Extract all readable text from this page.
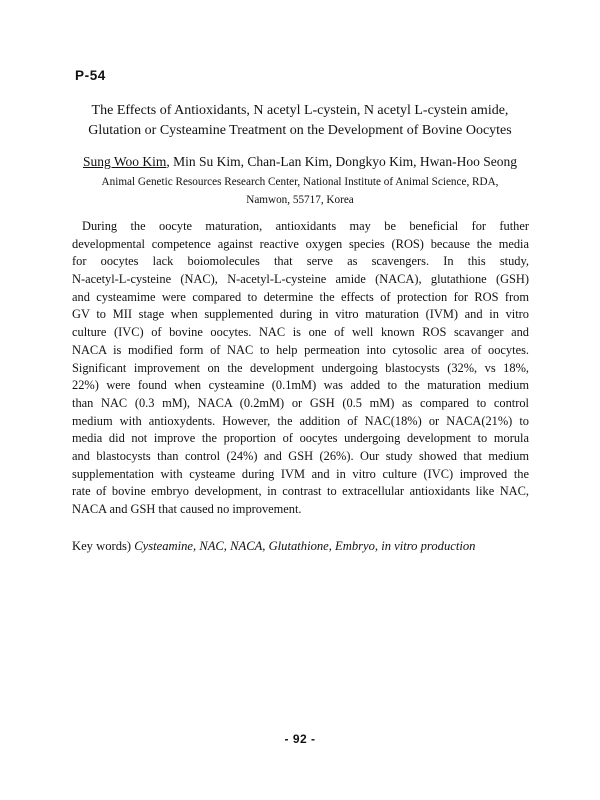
P-54
The Effects of Antioxidants, N acetyl L-cystein, N acetyl L-cystein amide,
Glutation or Cysteamine Treatment on the Development of Bovine Oocytes
Sung Woo Kim, Min Su Kim, Chan-Lan Kim, Dongkyo Kim, Hwan-Hoo Seong
Animal Genetic Resources Research Center, National Institute of Animal Science, RDA,
Namwon, 55717, Korea
During the oocyte maturation, antioxidants may be beneficial for futher
developmental competence against reactive oxygen species (ROS) because the media
for oocytes lack boiomolecules that serve as scavengers. In this study,
N-acetyl-L-cysteine (NAC), N-acetyl-L-cysteine amide (NACA), glutathione (GSH)
and cysteamime were compared to determine the effects of protection for ROS from
GV to MII stage when supplemented during in vitro maturation (IVM) and in vitro
culture (IVC) of bovine oocytes. NAC is one of well known ROS scavanger and
NACA is modified form of NAC to help permeation into cytosolic area of oocytes.
Significant improvement on the development undergoing blastocysts (32%, vs 18%,
22%) were found when cysteamine (0.1mM) was added to the maturation medium
than NAC (0.3 mM), NACA (0.2mM) or GSH (0.5 mM) as compared to control
medium with antioxydents. However, the addition of NAC(18%) or NACA(21%) to
media did not improve the proportion of oocytes undergoing development to morula
and blastocysts than control (24%) and GSH (26%). Our study showed that medium
supplementation with cysteame during IVM and in vitro culture (IVC) improved the
rate of bovine embryo development, in contrast to extracellular antioxidants like NAC,
NACA and GSH that caused no improvement.
Key words) Cysteamine, NAC, NACA, Glutathione, Embryo, in vitro production
- 92 -
